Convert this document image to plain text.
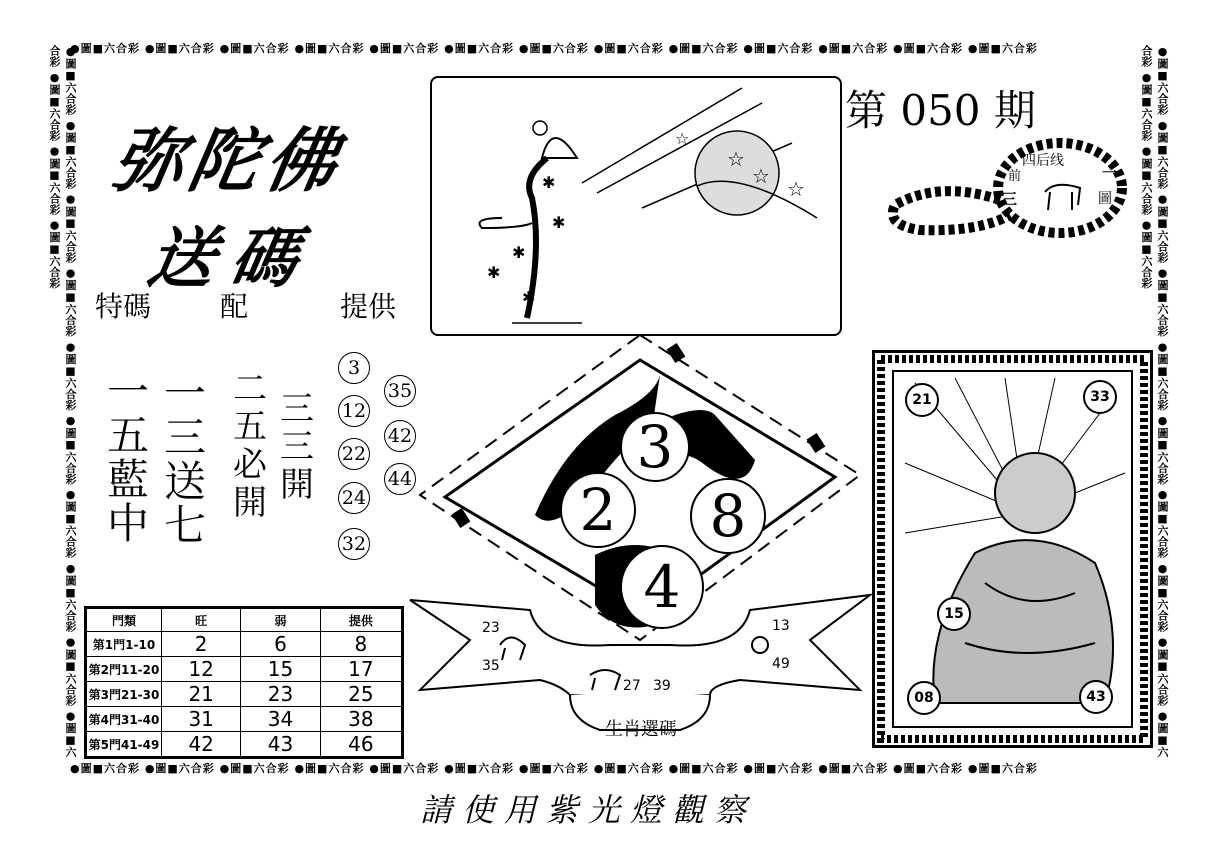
●圖■六合彩 ●圖■六合彩 ●圖■六合彩 ●圖■六合彩 ●圖■六合彩 ●圖■六合彩 ●圖■六合彩 ●圖■六合彩 ●圖■六合彩 ●圖■六合彩 ●圖■六合彩 ●圖■六合彩 ●圖■六合彩
●圖■六合彩 ●圖■六合彩 ●圖■六合彩 ●圖■六合彩 ●圖■六合彩 ●圖■六合彩 ●圖■六合彩 ●圖■六合彩 ●圖■六合彩 ●圖■六合彩 ●圖■六合彩 ●圖■六合彩 ●圖■六合彩
●圖■六合彩 ●圖■六合彩 ●圖■六合彩 ●圖■六合彩 ●圖■六合彩 ●圖■六合彩 ●圖■六合彩 ●圖■六合彩 ●圖■六合彩 ●圖■六合彩 ●圖■六合彩 ●圖■六合彩 ●圖■六合彩	●圖■六合彩 ●圖■六合彩 ●圖■六合彩 ●圖■六合彩 ●圖■六合彩 ●圖■六合彩 ●圖■六合彩 ●圖■六合彩 ●圖■六合彩 ●圖■六合彩 ●圖■六合彩 ●圖■六合彩 ●圖■六合彩
弥陀佛
送碼
特碼 配	提供
一五藍中
一三送七
二五必開
三三開
3
12
22
24
32
35
42
44
☆
☆
☆
☆
✱
✱
✱
✱
✱
第 050 期
四后线
前
三
一
圖
3
2	8
4
23
35
13
49
27 39
生肖選碼
門類	旺	弱	提供
第1門1-10	2	6	8
第2門11-20	12	15	17
第3門21-30	21	23	25
第4門31-40	31	34	38
第5門41-49	42	43	46
21	33
15
08	43
請使用紫光燈觀察
